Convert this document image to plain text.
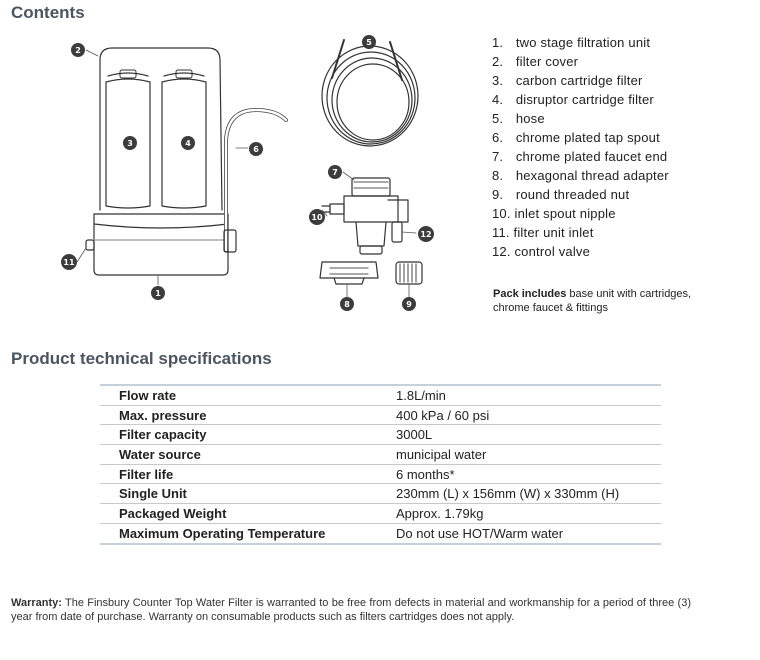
Contents
1
2
3	4
5
6
7
8	9
10
11
12
1. two stage filtration unit
2. filter cover
3. carbon cartridge filter
4. disruptor cartridge filter
5. hose
6. chrome plated tap spout
7. chrome plated faucet end
8. hexagonal thread adapter
9. round threaded nut
10. inlet spout nipple
11. filter unit inlet
12. control valve
Pack includes base unit with cartridges, chrome faucet & fittings
Product technical specifications
Flow rate	1.8L/min
Max. pressure	400 kPa / 60 psi
Filter capacity	3000L
Water source	municipal water
Filter life	6 months*
Single Unit	230mm (L) x 156mm (W) x 330mm (H)
Packaged Weight	Approx. 1.79kg
Maximum Operating Temperature	Do not use HOT/Warm water
Warranty: The Finsbury Counter Top Water Filter is warranted to be free from defects in material and workmanship for a period of three (3) year from date of purchase. Warranty on consumable products such as filters cartridges does not apply.
